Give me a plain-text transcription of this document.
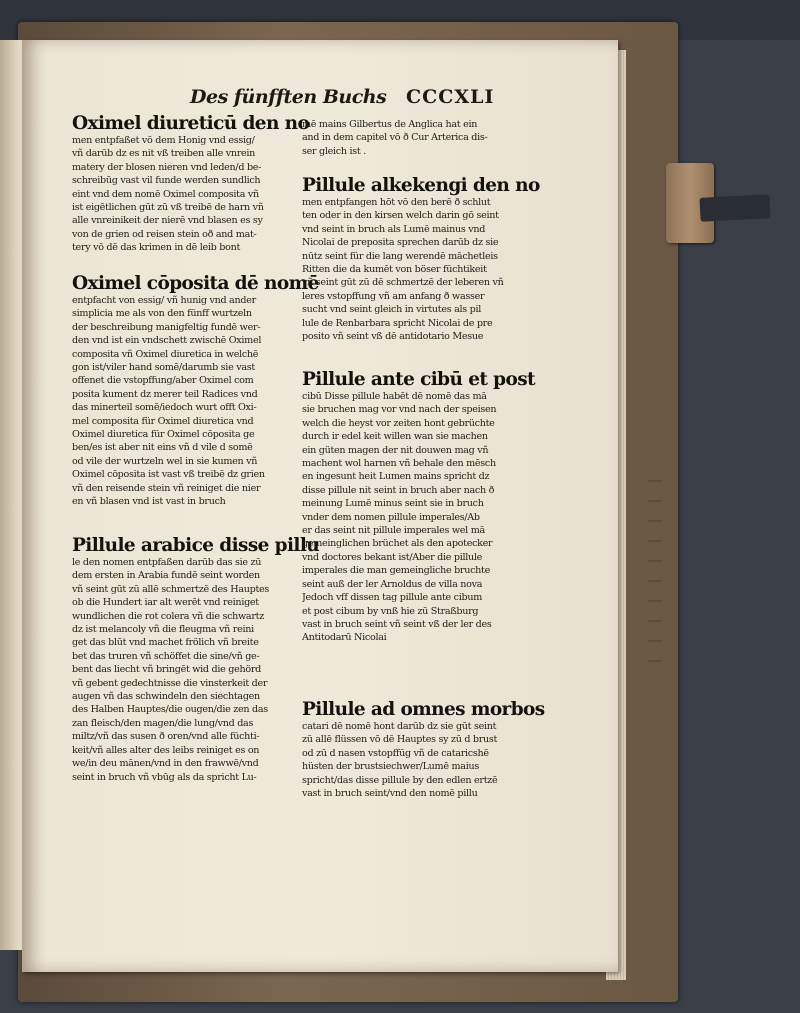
Des fünfften Buchs CCCXLI
Oximel diureticū den no
men entpfaßet vō dem Honig vnd essig/
vñ darūb dz es nit vß treiben alle vnrein
matery der blosen nieren vnd leden/d be-
schreibūg vast vil funde werden sundlich
eint vnd dem nomē Oximel composita vñ
ist eigētlichen gūt zū vß treibē de harn vñ
alle vnreinikeit der nierē vnd blasen es sy
von de grien od reisen stein oð and mat-
tery vō dē das krimen in dē leib bont
Oximel cōposita dē nomē
entpfacht von essig/ vñ hunig vnd ander
simplicia me als von den fünff wurtzeln
der beschreibung manigfeltig fundē wer-
den vnd ist ein vndschett zwischē Oximel
composita vñ Oximel diuretica in welchē
gon ist/viler hand somē/darumb sie vast
offenet die vstopffung/aber Oximel com
posita kument dz merer teil Radices vnd
das minerteil somē/iedoch wurt offt Oxi-
mel composita für Oximel diuretica vnd
Oximel diuretica für Oximel cōposita ge
ben/es ist aber nit eins vñ d vile d somē
od vile der wurtzeln wel in sie kumen vñ
Oximel cōposita ist vast vß treibē dz grien
vñ den reisende stein vñ reiniget die nier
en vñ blasen vnd ist vast in bruch
Pillule arabice disse pillu
le den nomen entpfaßen darūb das sie zū
dem ersten in Arabia fundē seint worden
vñ seint gūt zū allē schmertzē des Hauptes
ob die Hundert iar alt werēt vnd reiniget
wundlichen die rot colera vñ die schwartz
dz ist melancoly vñ die fleugma vñ reini
get das blūt vnd machet frölich vñ breite
bet das truren vñ schöffet die sine/vñ ge-
bent das liecht vñ bringēt wid die gehörd
vñ gebent gedechtnisse die vinsterkeit der
augen vñ das schwindeln den siechtagen
des Halben Hauptes/die ougen/die zen das
zan fleisch/den magen/die lung/vnd das
miltz/vñ das susen ð oren/vnd alle füchti-
keit/vñ alles alter des leibs reiniget es on
we/in deu mānen/vnd in den frawwē/vnd
seint in bruch vñ vbūg als da spricht Lu-
mē mains Gilbertus de Anglica hat ein
and in dem capitel vō ð Cur Arterica dis-
ser gleich ist .
Pillule alkekengi den no
men entpfangen hōt vō den berē ð schlut
ten oder in den kirsen welch darin gō seint
vnd seint in bruch als Lumē mainus vnd
Nicolai de preposita sprechen darūb dz sie
nūtz seint für die lang werendē māchetleis
Ritten die da kumēt von böser füchtikeit
vñ seint gūt zū dē schmertzē der leberen vñ
leres vstopffung vñ am anfang ð wasser
sucht vnd seint gleich in virtutes als pil
lule de Renbarbara spricht Nicolai de pre
posito vñ seint vß dē antidotario Mesue
Pillule ante cibū et post
cibū Disse pillule habēt dē nomē das mā
sie bruchen mag vor vnd nach der speisen
welch die heyst vor zeiten hont gebrüchte
durch ir edel keit willen wan sie machen
ein güten magen der nit douwen mag vñ
machent wol harnen vñ behale den mēsch
en ingesunt heit Lumen mains spricht dz
disse pillule nit seint in bruch aber nach ð
meinung Lumē minus seint sie in bruch
vnder dem nomen pillule imperales/Ab
er das seint nit pillule imperales wel mā
gemeinglichen brüchet als den apotecker
vnd doctores bekant ist/Aber die pillule
imperales die man gemeingliche bruchte
seint auß der ler Arnoldus de villa nova
Jedoch vff dissen tag pillule ante cibum
et post cibum by vnß hie zū Straßburg
vast in bruch seint vñ seint vß der ler des
Antitodarū Nicolai
Pillule ad omnes morbos
catari dē nomē hont darūb dz sie gūt seint
zū allē flüssen vō dē Hauptes sy zū d brust
od zū d nasen vstopffūg vñ de cataricshē
hüsten der brustsiechwer/Lumē maius
spricht/das disse pillule by den edlen ertzē
vast in bruch seint/vnd den nomē pillu
